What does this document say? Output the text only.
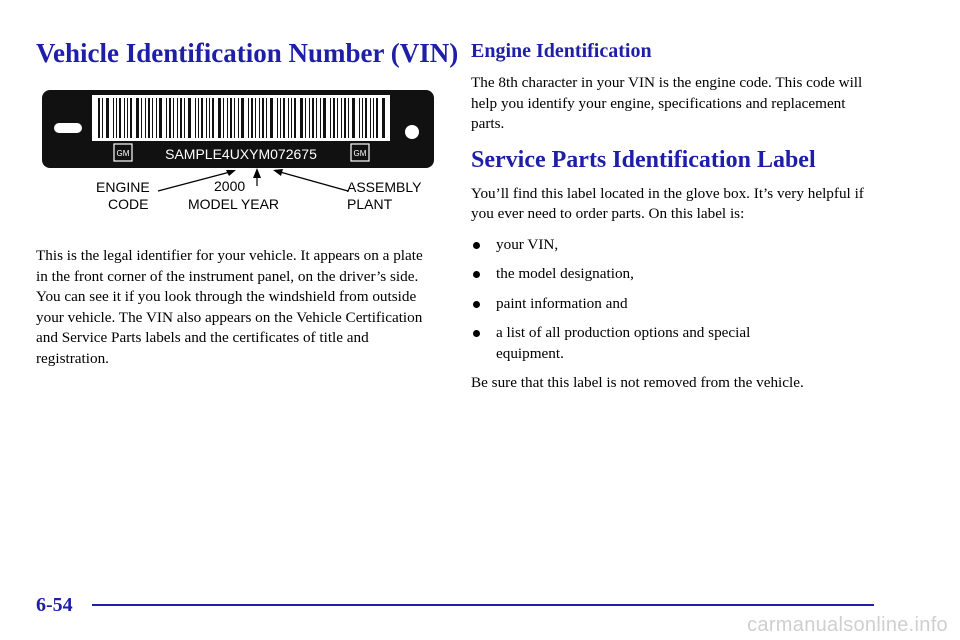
Vehicle Identification Number (VIN)
GM	GM
SAMPLE4UXYM072675
ENGINE
CODE
2000
MODEL YEAR
ASSEMBLY
PLANT

This is the legal identifier for your vehicle. It appears on a plate in the front corner of the instrument panel, on the driver’s side. You can see it if you look through the windshield from outside your vehicle. The VIN also appears on the Vehicle Certification and Service Parts labels and the certificates of title and registration.

Engine Identification

The 8th character in your VIN is the engine code. This code will help you identify your engine, specifications and replacement parts.

Service Parts Identification Label

You’ll find this label located in the glove box. It’s very helpful if you ever need to order parts. On this label is:

your VIN,
the model designation,
paint information and
a list of all production options and special equipment.

Be sure that this label is not removed from the vehicle.

6-54
carmanualsonline.info
